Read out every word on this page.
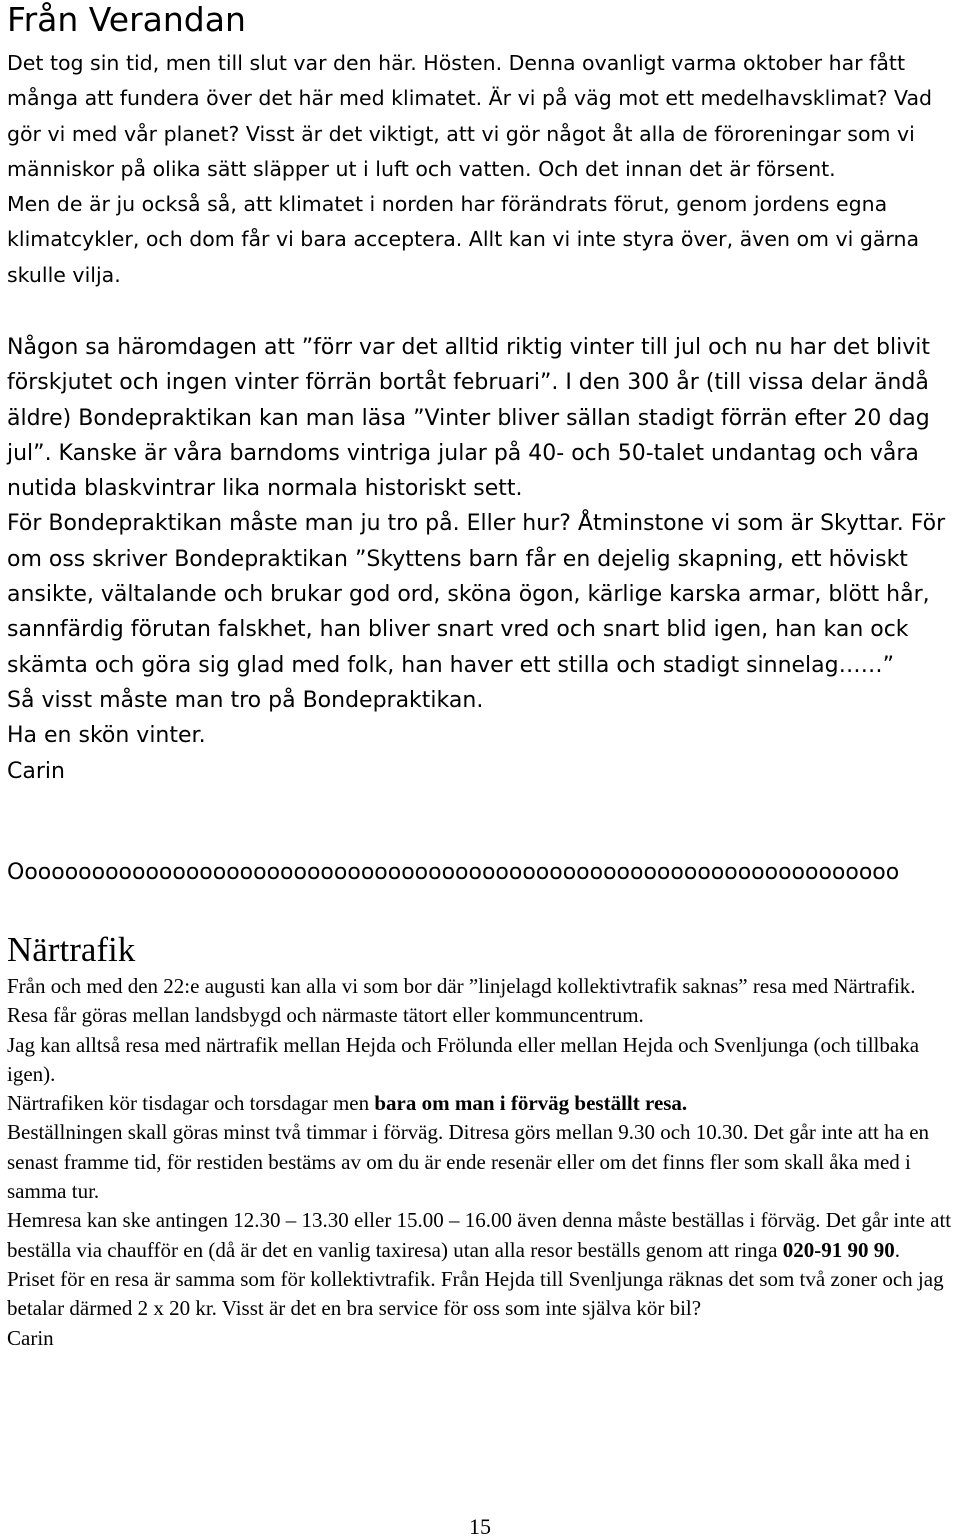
Från Verandan

Det tog sin tid, men till slut var den här. Hösten. Denna ovanligt varma oktober har fått många att fundera över det här med klimatet. Är vi på väg mot ett medelhavsklimat? Vad gör vi med vår planet? Visst är det viktigt, att vi gör något åt alla de föroreningar som vi människor på olika sätt släpper ut i luft och vatten. Och det innan det är försent.

Men de är ju också så, att klimatet i norden har förändrats förut, genom jordens egna klimatcykler, och dom får vi bara acceptera. Allt kan vi inte styra över, även om vi gärna skulle vilja.

Någon sa häromdagen att ”förr var det alltid riktig vinter till jul och nu har det blivit förskjutet och ingen vinter förrän bortåt februari”. I den 300 år (till vissa delar ändå äldre) Bondepraktikan kan man läsa ”Vinter bliver sällan stadigt förrän efter 20 dag jul”. Kanske är våra barndoms vintriga jular på 40- och 50-talet undantag och våra nutida blaskvintrar lika normala historiskt sett.

För Bondepraktikan måste man ju tro på. Eller hur? Åtminstone vi som är Skyttar. För om oss skriver Bondepraktikan ”Skyttens barn får en dejelig skapning, ett höviskt ansikte, vältalande och brukar god ord, sköna ögon, kärlige karska armar, blött hår, sannfärdig förutan falskhet, han bliver snart vred och snart blid igen, han kan ock skämta och göra sig glad med folk, han haver ett stilla och stadigt sinnelag……”

Så visst måste man tro på Bondepraktikan.

Ha en skön vinter.

Carin

Oooooooooooooooooooooooooooooooooooooooooooooooooooooooooooooooooo
Närtrafik

Från och med den 22:e augusti kan alla vi som bor där ”linjelagd kollektivtrafik saknas” resa med Närtrafik. Resa får göras mellan landsbygd och närmaste tätort eller kommuncentrum.

Jag kan alltså resa med närtrafik mellan Hejda och Frölunda eller mellan Hejda och Svenljunga (och tillbaka igen).

Närtrafiken kör tisdagar och torsdagar men bara om man i förväg beställt resa.

Beställningen skall göras minst två timmar i förväg. Ditresa görs mellan 9.30 och 10.30. Det går inte att ha en senast framme tid, för restiden bestäms av om du är ende resenär eller om det finns fler som skall åka med i samma tur.

Hemresa kan ske antingen 12.30 – 13.30 eller 15.00 – 16.00 även denna måste beställas i förväg. Det går inte att beställa via chaufför en (då är det en vanlig taxiresa) utan alla resor beställs genom att ringa 020-91 90 90.

Priset för en resa är samma som för kollektivtrafik. Från Hejda till Svenljunga räknas det som två zoner och jag betalar därmed 2 x 20 kr. Visst är det en bra service för oss som inte själva kör bil?

Carin

15
